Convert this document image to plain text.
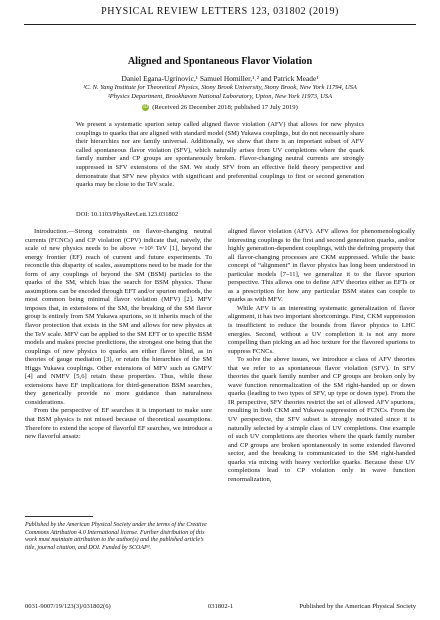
PHYSICAL REVIEW LETTERS 123, 031802 (2019)
Aligned and Spontaneous Flavor Violation
Daniel Egana-Ugrinovic,¹ Samuel Homiller,¹˒² and Patrick Meade¹
¹C. N. Yang Institute for Theoretical Physics, Stony Brook University, Stony Brook, New York 11794, USA
²Physics Department, Brookhaven National Laboratory, Upton, New York 11973, USA
iD (Received 26 December 2018; published 17 July 2019)
We present a systematic spurion setup called aligned flavor violation (AFV) that allows for new physics couplings to quarks that are aligned with standard model (SM) Yukawa couplings, but do not necessarily share their hierarchies nor are family universal. Additionally, we show that there is an important subset of AFV called spontaneous flavor violation (SFV), which naturally arises from UV completions where the quark family number and CP groups are spontaneously broken. Flavor-changing neutral currents are strongly suppressed in SFV extensions of the SM. We study SFV from an effective field theory perspective and demonstrate that SFV new physics with significant and preferential couplings to first or second generation quarks may be close to the TeV scale.
DOI: 10.1103/PhysRevLett.123.031802

Introduction.—Strong constraints on flavor-changing neutral currents (FCNCs) and CP violation (CPV) indicate that, naively, the scale of new physics needs to be above ∼10⁵ TeV [1], beyond the energy frontier (EF) reach of current and future experiments. To reconcile this disparity of scales, assumptions need to be made for the form of any couplings of beyond the SM (BSM) particles to the quarks of the SM, which bias the search for BSM physics. These assumptions can be encoded through EFT and/or spurion methods, the most common being minimal flavor violation (MFV) [2]. MFV imposes that, in extensions of the SM, the breaking of the SM flavor group is entirely from SM Yukawa spurions, so it inherits much of the flavor protection that exists in the SM and allows for new physics at the TeV scale. MFV can be applied to the SM EFT or to specific BSM models and makes precise predictions, the strongest one being that the couplings of new physics to quarks are either flavor blind, as in theories of gauge mediation [3], or retain the hierarchies of the SM Higgs Yukawa couplings. Other extensions of MFV such as GMFV [4] and NMFV [5,6] retain these properties. Thus, while these extensions have EF implications for third-generation BSM searches, they generically provide no more guidance than naturalness considerations.

From the perspective of EF searches it is important to make sure that BSM physics is not missed because of theoretical assumptions. Therefore to extend the scope of flavorful EF searches, we introduce a new flavorful ansatz:

aligned flavor violation (AFV). AFV allows for phenomenologically interesting couplings to the first and second generation quarks, and/or highly generation-dependent couplings, with the defining property that all flavor-changing processes are CKM suppressed. While the basic concept of “alignment” in flavor physics has long been understood in particular models [7–11], we generalize it to the flavor spurion perspective. This allows one to define AFV theories either as EFTs or as a prescription for how any particular BSM states can couple to quarks as with MFV.

While AFV is an interesting systematic generalization of flavor alignment, it has two important shortcomings. First, CKM suppression is insufficient to reduce the bounds from flavor physics to LHC energies. Second, without a UV completion it is not any more compelling than picking an ad hoc texture for the flavored spurions to suppress FCNCs.

To solve the above issues, we introduce a class of AFV theories that we refer to as spontaneous flavor violation (SFV). In SFV theories the quark family number and CP groups are broken only by wave function renormalization of the SM right-handed up or down quarks (leading to two types of SFV, up type or down type). From the IR perspective, SFV theories restrict the set of allowed AFV spurions, resulting in both CKM and Yukawa suppression of FCNCs. From the UV perspective, the SFV subset is strongly motivated since it is naturally selected by a simple class of UV completions. One example of such UV completions are theories where the quark family number and CP groups are broken spontaneously in some extended flavored sector, and the breaking is communicated to the SM right-handed quarks via mixing with heavy vectorlike quarks. Because these UV completions lead to CP violation only in wave function renormalization,

Published by the American Physical Society under the terms of the Creative Commons Attribution 4.0 International license. Further distribution of this work must maintain attribution to the author(s) and the published article’s title, journal citation, and DOI. Funded by SCOAP³.
0031-9007/19/123(3)/031802(6)	031802-1	Published by the American Physical Society
